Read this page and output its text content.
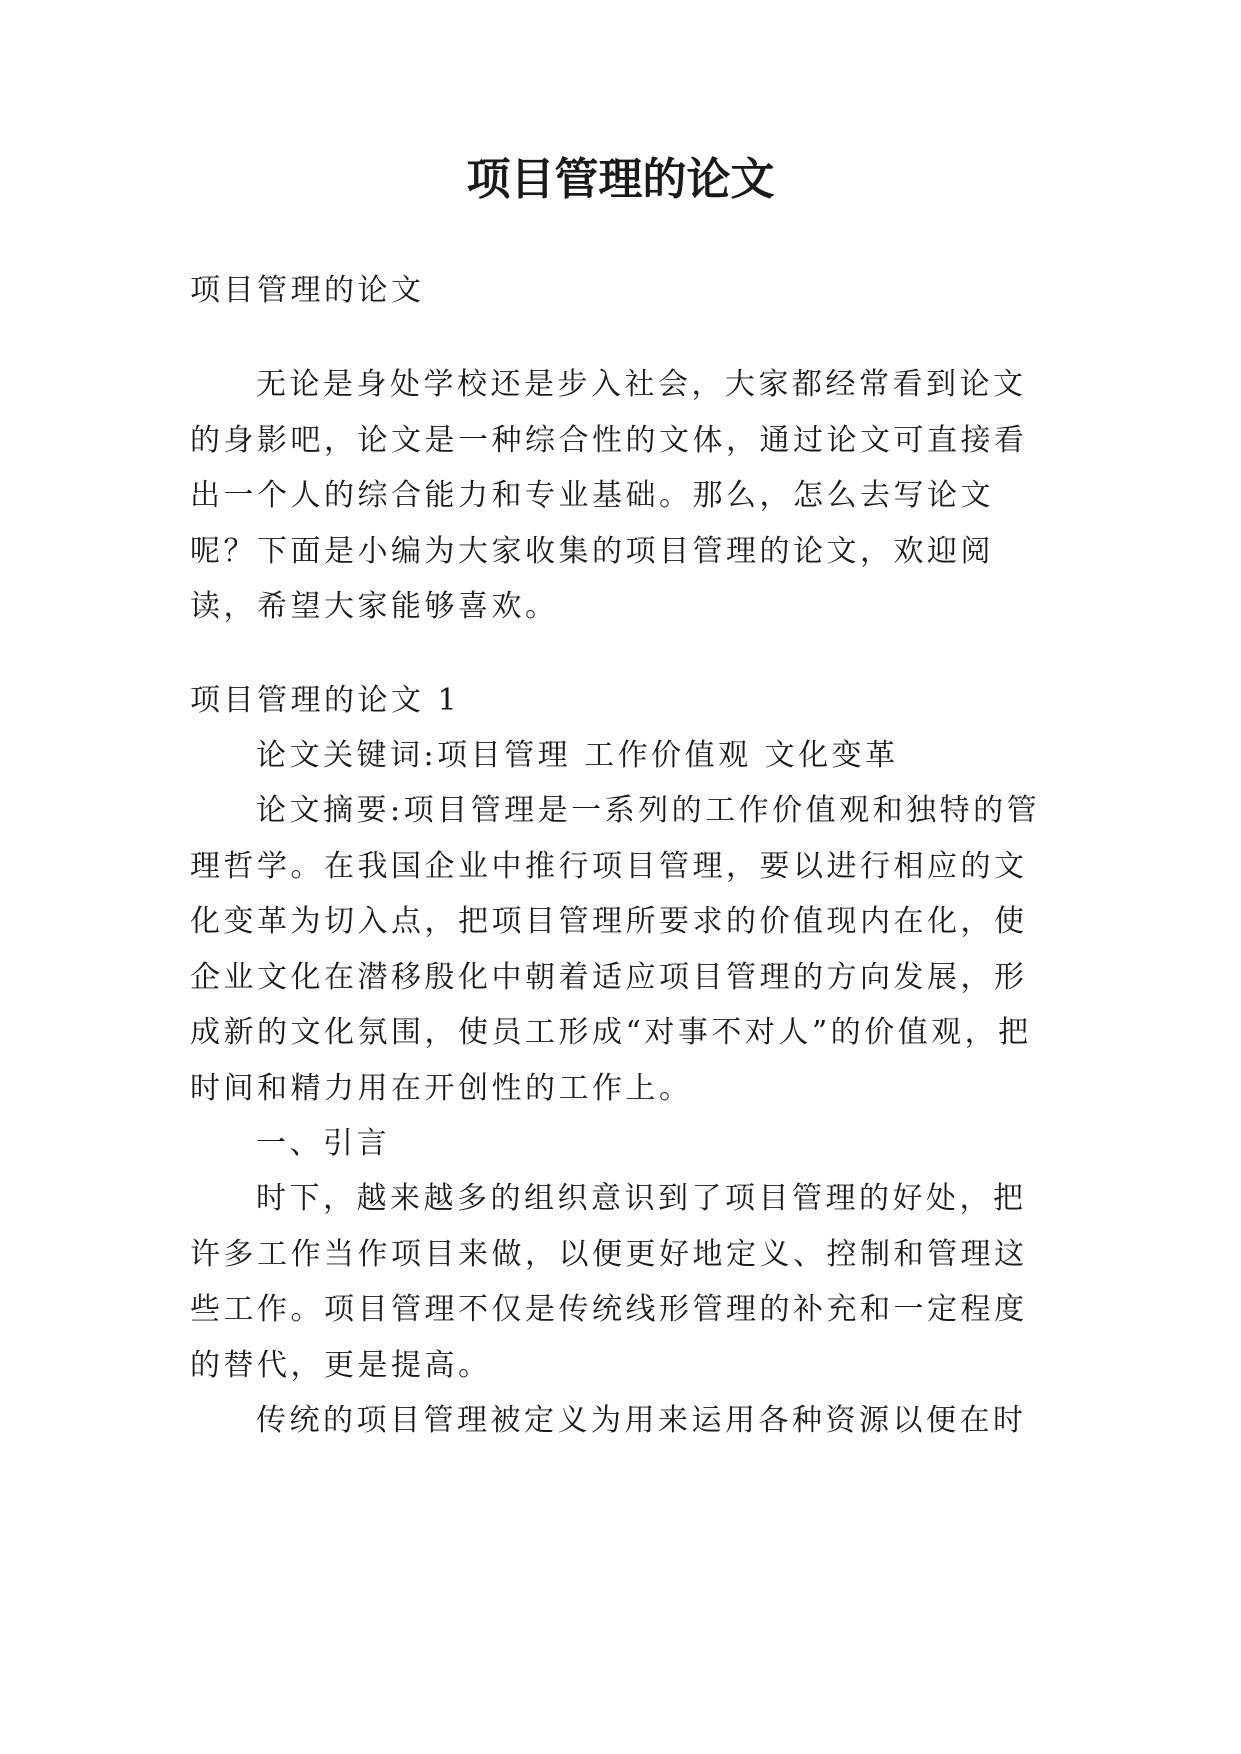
项目管理的论文

项目管理的论文

无论是身处学校还是步入社会，大家都经常看到论文的身影吧，论文是一种综合性的文体，通过论文可直接看出一个人的综合能力和专业基础。那么，怎么去写论文呢？下面是小编为大家收集的项目管理的论文，欢迎阅读，希望大家能够喜欢。

项目管理的论文 1

论文关键词:项目管理 工作价值观 文化变革

论文摘要:项目管理是一系列的工作价值观和独特的管理哲学。在我国企业中推行项目管理，要以进行相应的文化变革为切入点，把项目管理所要求的价值现内在化，使企业文化在潜移殷化中朝着适应项目管理的方向发展，形成新的文化氛围，使员工形成“对事不对人”的价值观，把时间和精力用在开创性的工作上。

一、引言

时下，越来越多的组织意识到了项目管理的好处，把许多工作当作项目来做，以便更好地定义、控制和管理这些工作。项目管理不仅是传统线形管理的补充和一定程度的替代，更是提高。

传统的项目管理被定义为用来运用各种资源以便在时
